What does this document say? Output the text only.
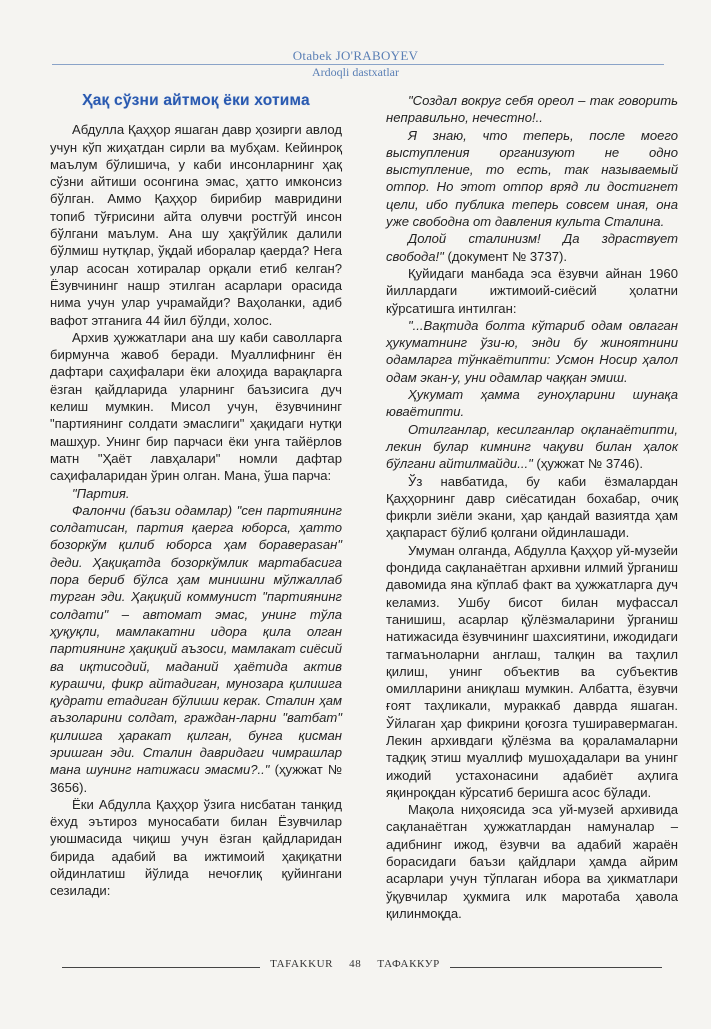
Otabek JO'RABOYEV
Ardoqli dastxatlar
Ҳақ сўзни айтмоқ ёки хотима

Абдулла Қаҳҳор яшаган давр ҳозирги авлод учун кўп жиҳатдан сирли ва мубҳам. Кейинроқ маълум бўлишича, у каби инсонларнинг ҳақ сўзни айтиши осонгина эмас, ҳатто имконсиз бўлган. Аммо Қаҳҳор бирибир мавридини топиб тўғрисини айта олувчи ростгўй инсон бўлгани маълум. Ана шу ҳақгўйлик далили бўлмиш нутқлар, ўқдай иборалар қаерда? Нега улар асосан хотиралар орқали етиб келган? Ёзувчининг нашр этилган асарлари орасида нима учун улар учрамайди? Ваҳоланки, адиб вафот этганига 44 йил бўлди, холос.

Архив ҳужжатлари ана шу каби саволларга бирмунча жавоб беради. Муаллифнинг ён дафтари саҳифалари ёки алоҳида варақларга ёзган қайдларида уларнинг баъзисига дуч келиш мумкин. Мисол учун, ёзувчининг "партиянинг солдати эмаслиги" ҳақидаги нутқи машҳур. Унинг бир парчаси ёки унга тайёрлов матн "Ҳаёт лавҳалари" номли дафтар саҳифаларидан ўрин олган. Мана, ўша парча:

"Партия.

Фалончи (баъзи одамлар) "сен партиянинг солдатисан, партия қаерга юборса, ҳатто бозоркўм қилиб юборса ҳам боравераsан" деди. Ҳақиқатда бозоркўмлик мартабасига пора бериб бўлса ҳам минишни мўлжаллаб турган эди. Ҳақиқий коммунист "партиянинг солдати" – автомат эмас, унинг тўла ҳуқуқли, мамлакатни идора қила олган партиянинг ҳақиқий аъзоси, мамлакат сиёсий ва иқтисодий, маданий ҳаётида актив курашчи, фикр айтадиган, мунозара қилишга қудрати етадиган бўлиши керак. Сталин ҳам аъзоларини солдат, граждан-ларни "ватбат" қилишга ҳаракат қилган, бунга қисман эришган эди. Сталин давридаги чимрашлар мана шунинг натижаси эмасми?.." (ҳужжат № 3656).

Ёки Абдулла Қаҳҳор ўзига нисбатан танқид ёхуд эътироз муносабати билан Ёзувчилар уюшмасида чиқиш учун ёзган қайдларидан бирида адабий ва ижтимоий ҳақиқатни ойдинлатиш йўлида нечоғлиқ қуйингани сезилади:

"Создал вокруг себя ореол – так говорить неправильно, нечестно!..

Я знаю, что теперь, после моего выступления организуют не одно выступление, то есть, так называемый отпор. Но этот отпор вряд ли достигнет цели, ибо публика теперь совсем иная, она уже свободна от давления культа Сталина.

Долой сталинизм! Да здраствует свобода!" (документ № 3737).

Қуйидаги манбада эса ёзувчи айнан 1960 йиллардаги ижтимоий-сиёсий ҳолатни кўрсатишга интилган:

"...Вақтида болта кўтариб одам овлаган ҳукуматнинг ўзи-ю, энди бу жиноятнини одамларга тўнкаётипти: Усмон Носир ҳалол одам экан-у, уни одамлар чаққан эмиш.

Ҳукумат ҳамма гуноҳларини шунақа юваётипти.

Отилганлар, кесилганлар оқланаётипти, лекин булар кимнинг чақуви билан ҳалок бўлгани айтилмайди..." (ҳужжат № 3746).

Ўз навбатида, бу каби ёзмалардан Қаҳҳорнинг давр сиёсатидан бохабар, очиқ фикрли зиёли экани, ҳар қандай вазиятда ҳам ҳақпараст бўлиб қолгани ойдинлашади.

Умуман олганда, Абдулла Қаҳҳор уй-музейи фондида сақланаётган архивни илмий ўрганиш давомида яна кўплаб факт ва ҳужжатларга дуч келамиз. Ушбу бисот билан муфассал танишиш, асарлар қўлёзмаларини ўрганиш натижасида ёзувчининг шахсиятини, ижодидаги тагмаъноларни англаш, талқин ва таҳлил қилиш, унинг объектив ва субъектив омилларини аниқлаш мумкин. Албатта, ёзувчи ғоят таҳликали, мураккаб даврда яшаган. Ўйлаган ҳар фикрини қоғозга туширавермаган. Лекин архивдаги қўлёзма ва қораламаларни тадқиқ этиш муаллиф мушоҳадалари ва унинг ижодий устахонасини адабиёт аҳлига яқинроқдан кўрсатиб беришга асос бўлади.

Мақола ниҳоясида эса уй-музей архивида сақланаётган ҳужжатлардан намуналар – адибнинг ижод, ёзувчи ва адабий жараён борасидаги баъзи қайдлари ҳамда айрим асарлари учун тўплаган ибора ва ҳикматлари ўқувчилар ҳукмига илк маротаба ҳавола қилинмоқда.

TAFAKKUR 48 ТАФАККУР
